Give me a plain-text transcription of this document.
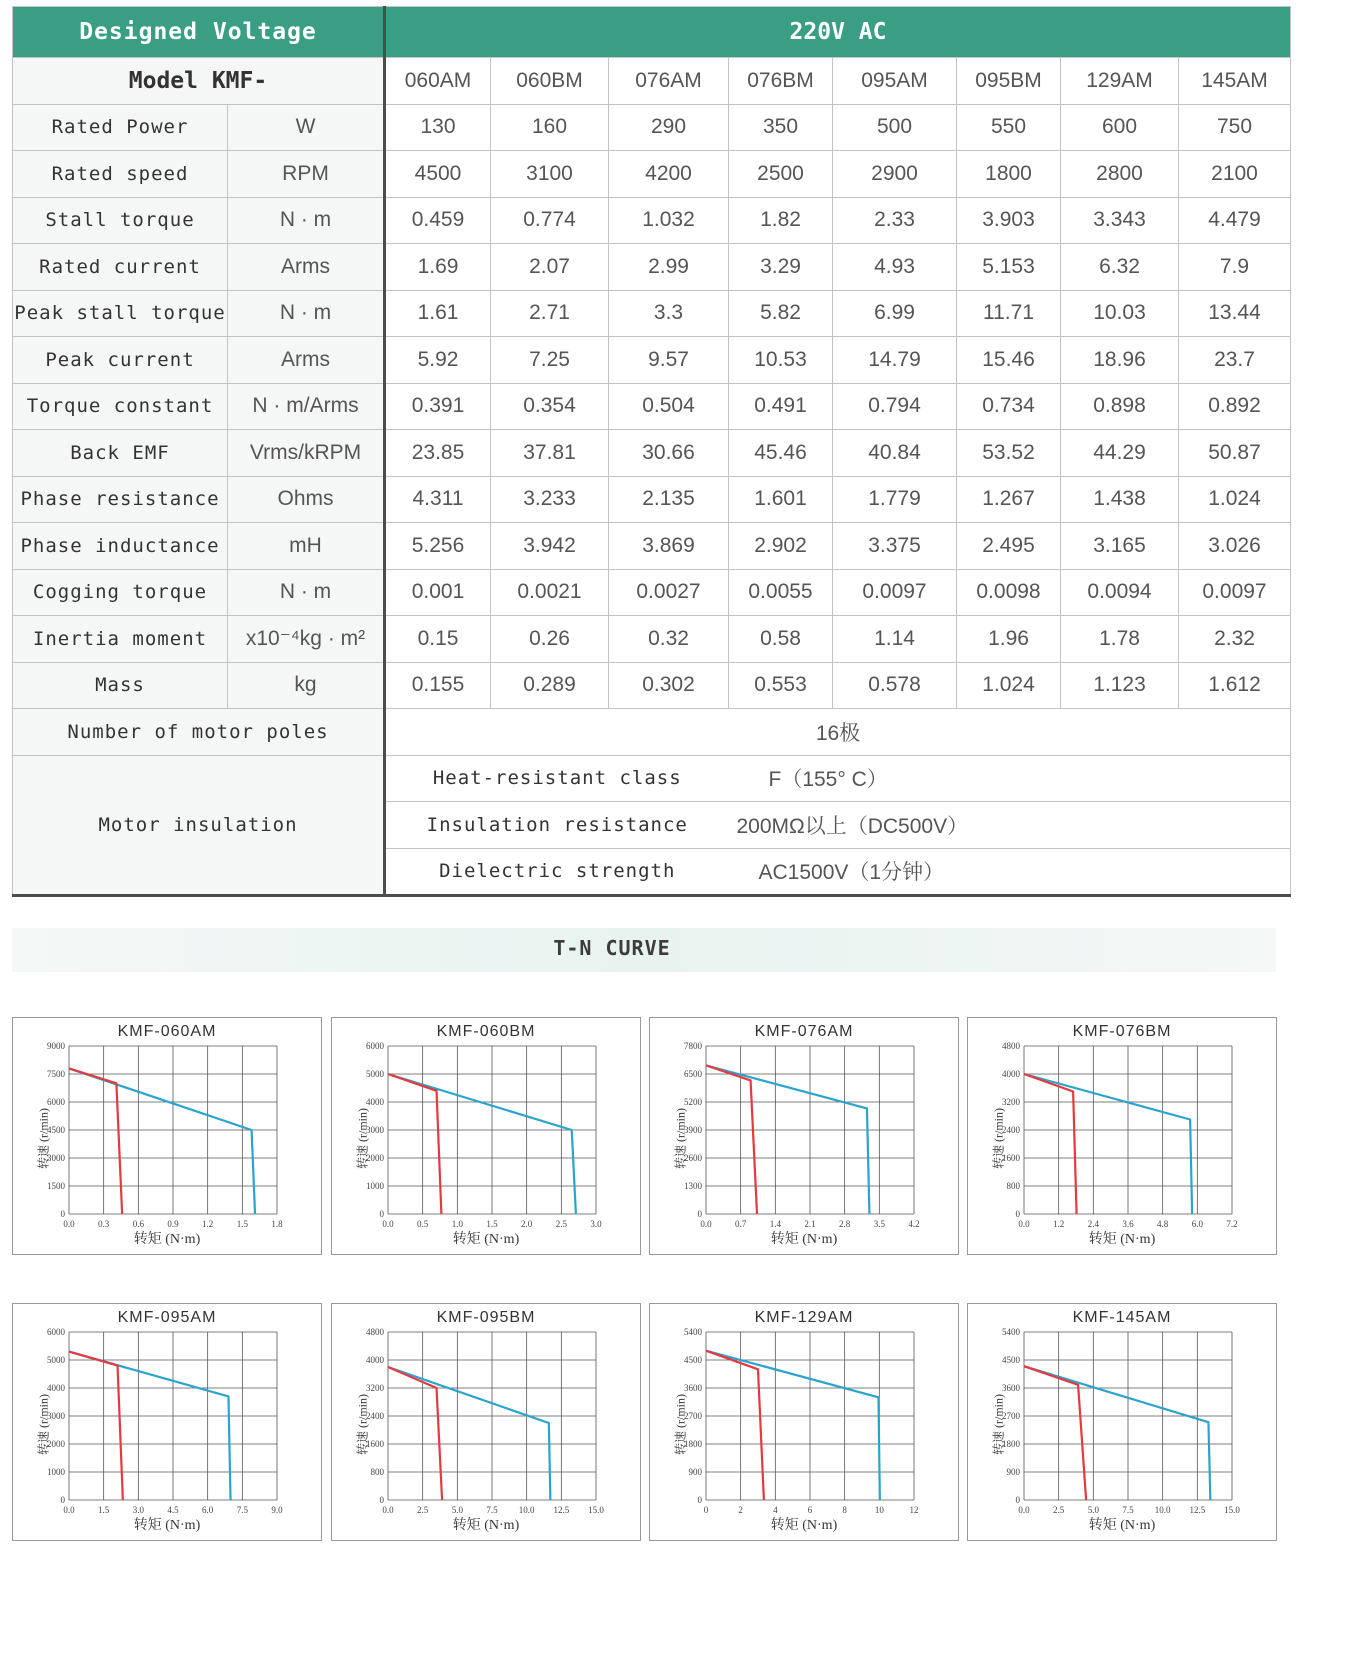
Designed Voltage		220V AC							
Model KMF-		060AM	060BM	076AM	076BM	095AM	095BM	129AM	145AM
Rated Power	W	130	160	290	350	500	550	600	750
Rated speed	RPM	4500	3100	4200	2500	2900	1800	2800	2100
Stall torque	N · m	0.459	0.774	1.032	1.82	2.33	3.903	3.343	4.479
Rated current	Arms	1.69	2.07	2.99	3.29	4.93	5.153	6.32	7.9
Peak stall torque	N · m	1.61	2.71	3.3	5.82	6.99	11.71	10.03	13.44
Peak current	Arms	5.92	7.25	9.57	10.53	14.79	15.46	18.96	23.7
Torque constant	N · m/Arms	0.391	0.354	0.504	0.491	0.794	0.734	0.898	0.892
Back EMF	Vrms/kRPM	23.85	37.81	30.66	45.46	40.84	53.52	44.29	50.87
Phase resistance	Ohms	4.311	3.233	2.135	1.601	1.779	1.267	1.438	1.024
Phase inductance	mH	5.256	3.942	3.869	2.902	3.375	2.495	3.165	3.026
Cogging torque	N · m	0.001	0.0021	0.0027	0.0055	0.0097	0.0098	0.0094	0.0097
Inertia moment	x10⁻⁴kg · m²	0.15	0.26	0.32	0.58	1.14	1.96	1.78	2.32
Mass	kg	0.155	0.289	0.302	0.553	0.578	1.024	1.123	1.612
Number of motor poles		16极							
Motor insulation		Heat-resistant class			F（155° C）				
		Insulation resistance			200MΩ以上（DC500V）				
		Dielectric strength			AC1500V（1分钟）				
T-N CURVE
KMF-060AM
转速 (r/min)
转矩 (N·m)
0.0	0.3	0.6	0.9	1.2	1.5	1.8
0
1500
3000
4500
6000
7500
9000
KMF-060BM
转速 (r/min)
转矩 (N·m)
0.0	0.5	1.0	1.5	2.0	2.5	3.0
0
1000
2000
3000
4000
5000
6000
KMF-076AM
转速 (r/min)
转矩 (N·m)
0.0	0.7	1.4	2.1	2.8	3.5	4.2
0
1300
2600
3900
5200
6500
7800
KMF-076BM
转速 (r/min)
转矩 (N·m)
0.0	1.2	2.4	3.6	4.8	6.0	7.2
0
800
1600
2400
3200
4000
4800
KMF-095AM
转速 (r/min)
转矩 (N·m)
0.0	1.5	3.0	4.5	6.0	7.5	9.0
0
1000
2000
3000
4000
5000
6000
KMF-095BM
转速 (r/min)
转矩 (N·m)
0.0	2.5	5.0	7.5 10.0 12.5 15.0
0
800
1600
2400
3200
4000
4800
KMF-129AM
转速 (r/min)
转矩 (N·m)
0	2	4	6	8	10	12
0
900
1800
2700
3600
4500
5400
KMF-145AM
转速 (r/min)
转矩 (N·m)
0.0	2.5	5.0	7.5 10.0 12.5 15.0
0
900
1800
2700
3600
4500
5400
